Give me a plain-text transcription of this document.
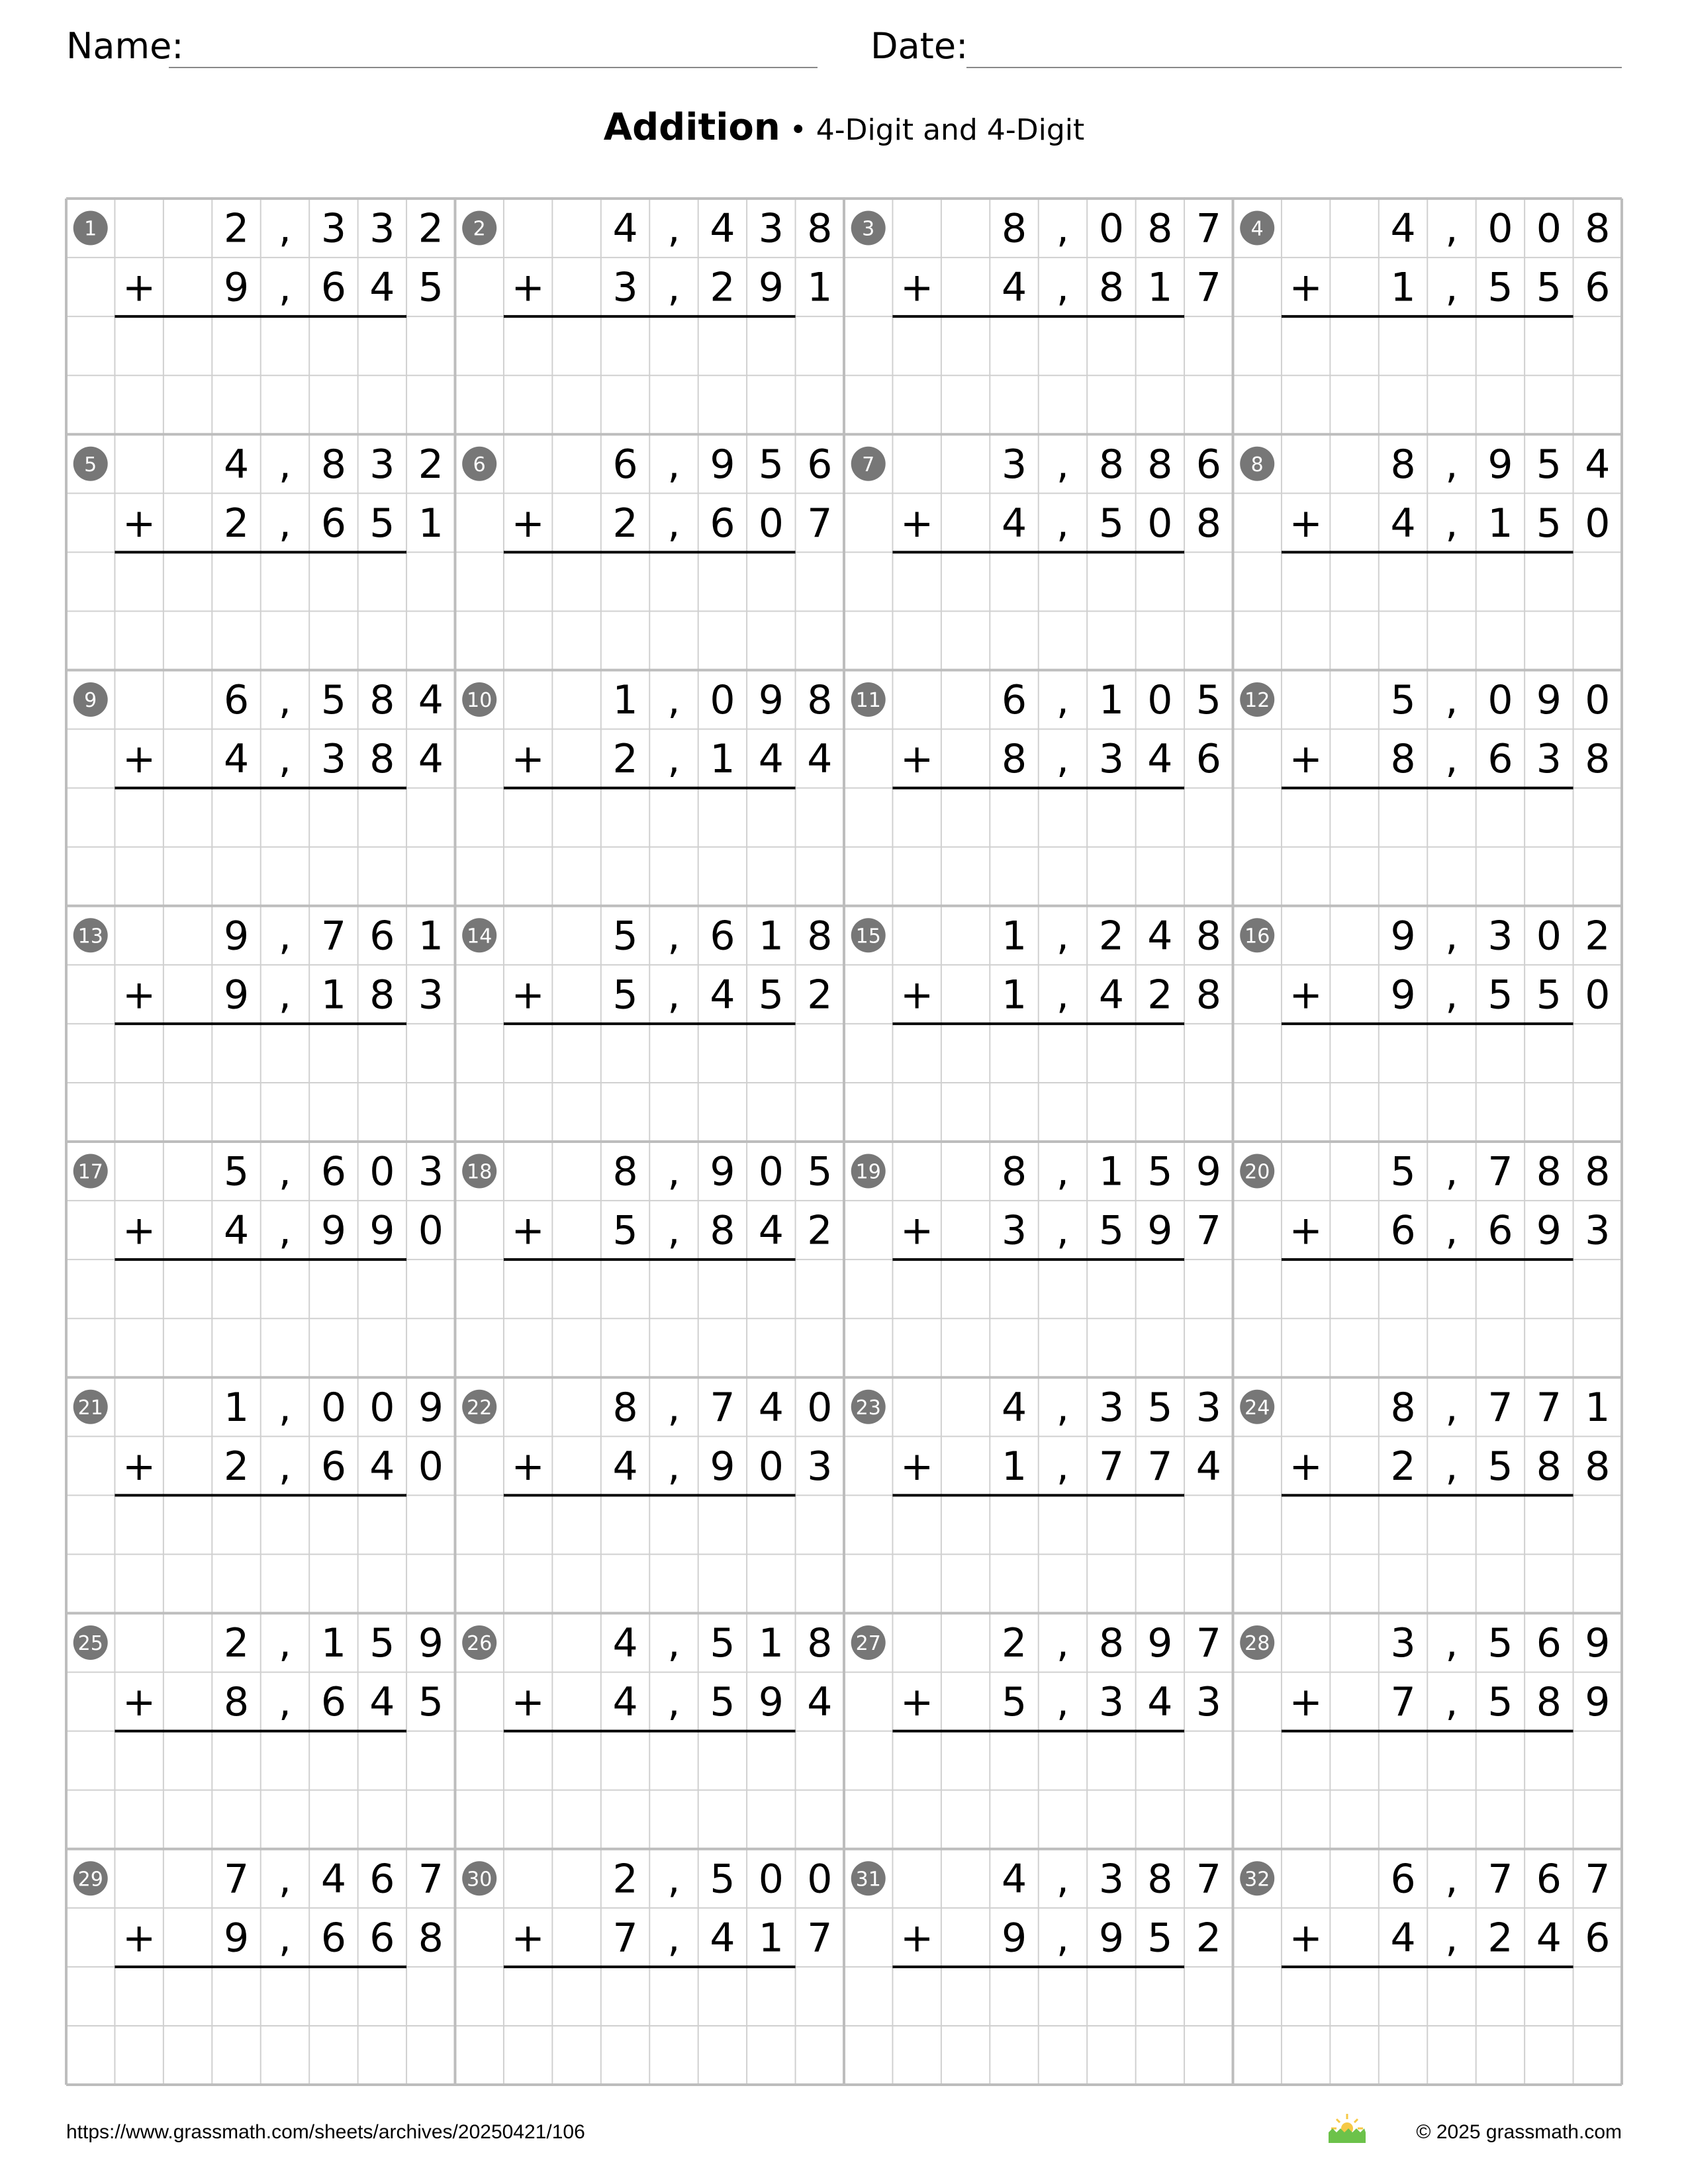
Name:	Date:
Addition • 4-Digit and 4-Digit
1	2 , 3 3 2
9 , 6 4 5
+
2	4 , 4 3 8
3 , 2 9 1
+
3	8 , 0 8 7
4 , 8 1 7
+
4	4 , 0 0 8
1 , 5 5 6
+
5	4 , 8 3 2
2 , 6 5 1
+
6	6 , 9 5 6
2 , 6 0 7
+
7	3 , 8 8 6
4 , 5 0 8
+
8	8 , 9 5 4
4 , 1 5 0
+
9	6 , 5 8 4
4 , 3 8 4
+
10	1 , 0 9 8
2 , 1 4 4
+
11	6 , 1 0 5
8 , 3 4 6
+
12	5 , 0 9 0
8 , 6 3 8
+
13	9 , 7 6 1
9 , 1 8 3
+
14	5 , 6 1 8
5 , 4 5 2
+
15	1 , 2 4 8
1 , 4 2 8
+
16	9 , 3 0 2
9 , 5 5 0
+
17	5 , 6 0 3
4 , 9 9 0
+
18	8 , 9 0 5
5 , 8 4 2
+
19	8 , 1 5 9
3 , 5 9 7
+
20	5 , 7 8 8
6 , 6 9 3
+
21	1 , 0 0 9
2 , 6 4 0
+
22	8 , 7 4 0
4 , 9 0 3
+
23	4 , 3 5 3
1 , 7 7 4
+
24	8 , 7 7 1
2 , 5 8 8
+
25	2 , 1 5 9
8 , 6 4 5
+
26	4 , 5 1 8
4 , 5 9 4
+
27	2 , 8 9 7
5 , 3 4 3
+
28	3 , 5 6 9
7 , 5 8 9
+
29	7 , 4 6 7
9 , 6 6 8
+
30	2 , 5 0 0
7 , 4 1 7
+
31	4 , 3 8 7
9 , 9 5 2
+
32	6 , 7 6 7
4 , 2 4 6
+
https://www.grassmath.com/sheets/archives/20250421/106	© 2025 grassmath.com
